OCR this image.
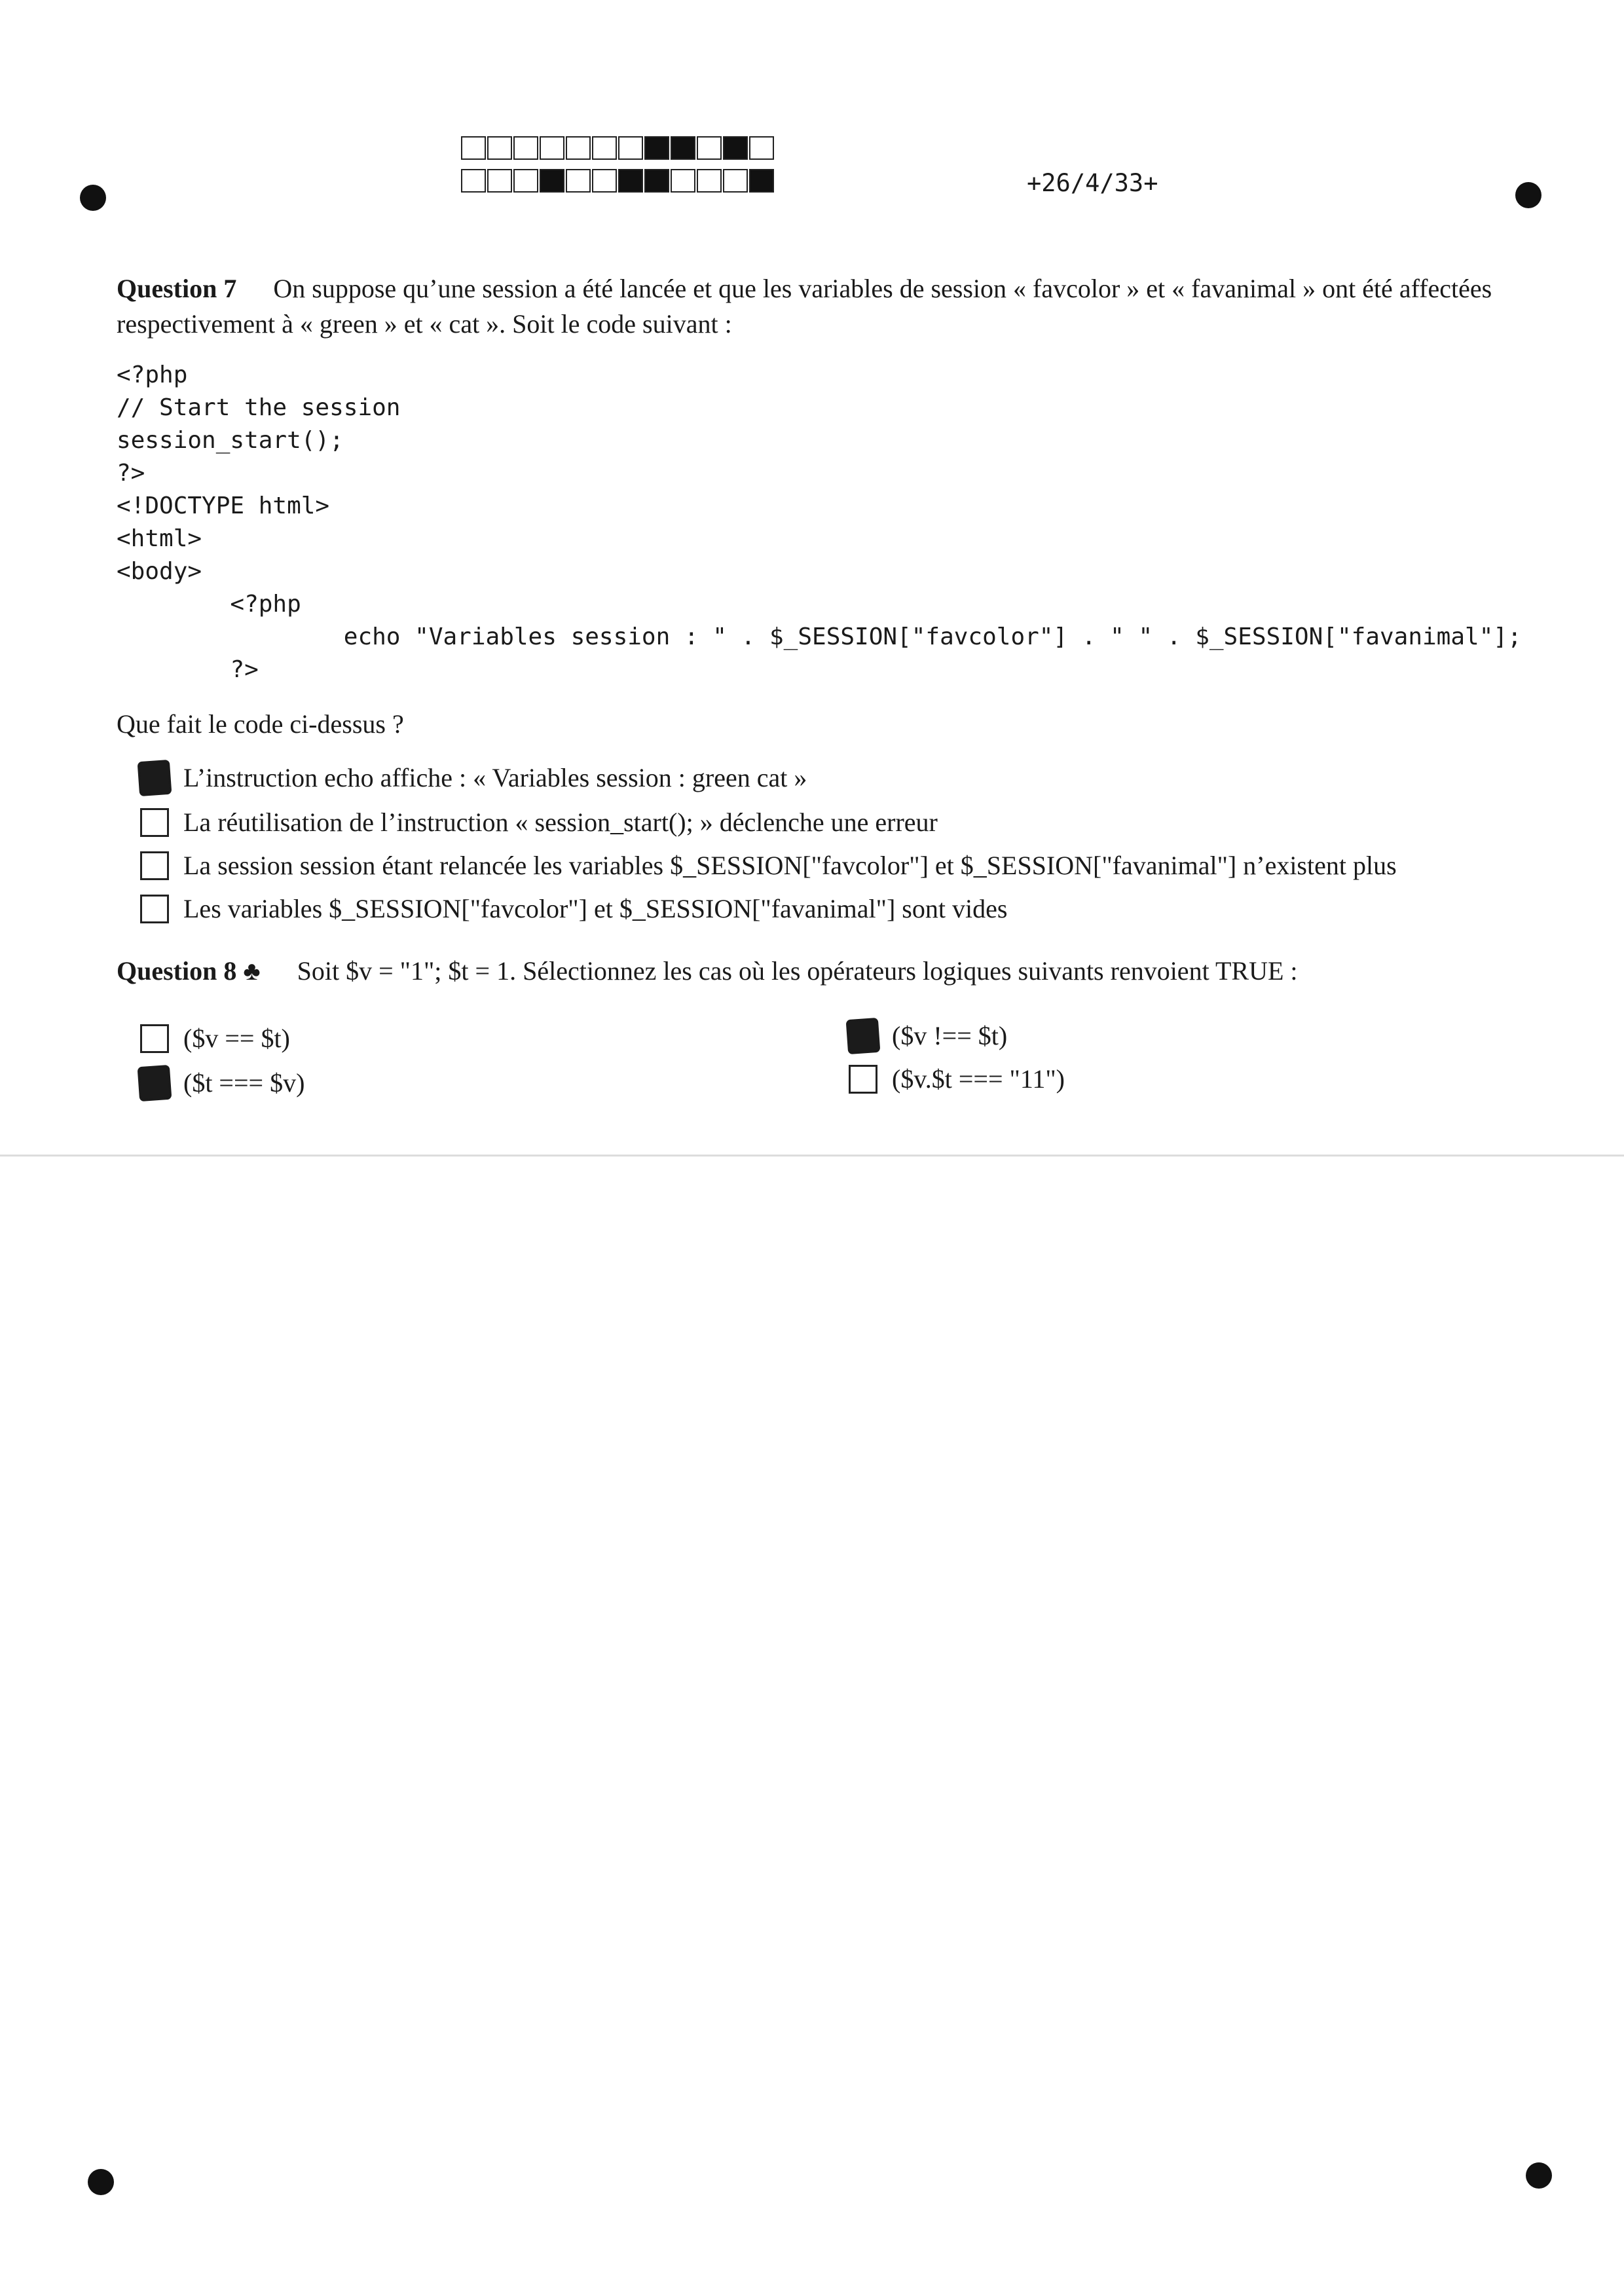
+26/4/33+
Question 7 On suppose qu’une session a été lancée et que les variables de session « favcolor » et « favanimal » ont été affectées respectivement à « green » et « cat ». Soit le code suivant :
<?php
// Start the session
session_start();
?>
<!DOCTYPE html>
<html>
<body>
<?php
echo "Variables session : " . $_SESSION["favcolor"] . " " . $_SESSION["favanimal"];
?>
Que fait le code ci-dessus ?
L’instruction echo affiche : « Variables session : green cat »
La réutilisation de l’instruction « session_start(); » déclenche une erreur
La session session étant relancée les variables $_SESSION["favcolor"] et $_SESSION["favanimal"] n’existent plus
Les variables $_SESSION["favcolor"] et $_SESSION["favanimal"] sont vides
Question 8 ♣ Soit $v = "1"; $t = 1. Sélectionnez les cas où les opérateurs logiques suivants renvoient TRUE :
($v == $t)
($t === $v)
($v !== $t)
($v.$t === "11")
